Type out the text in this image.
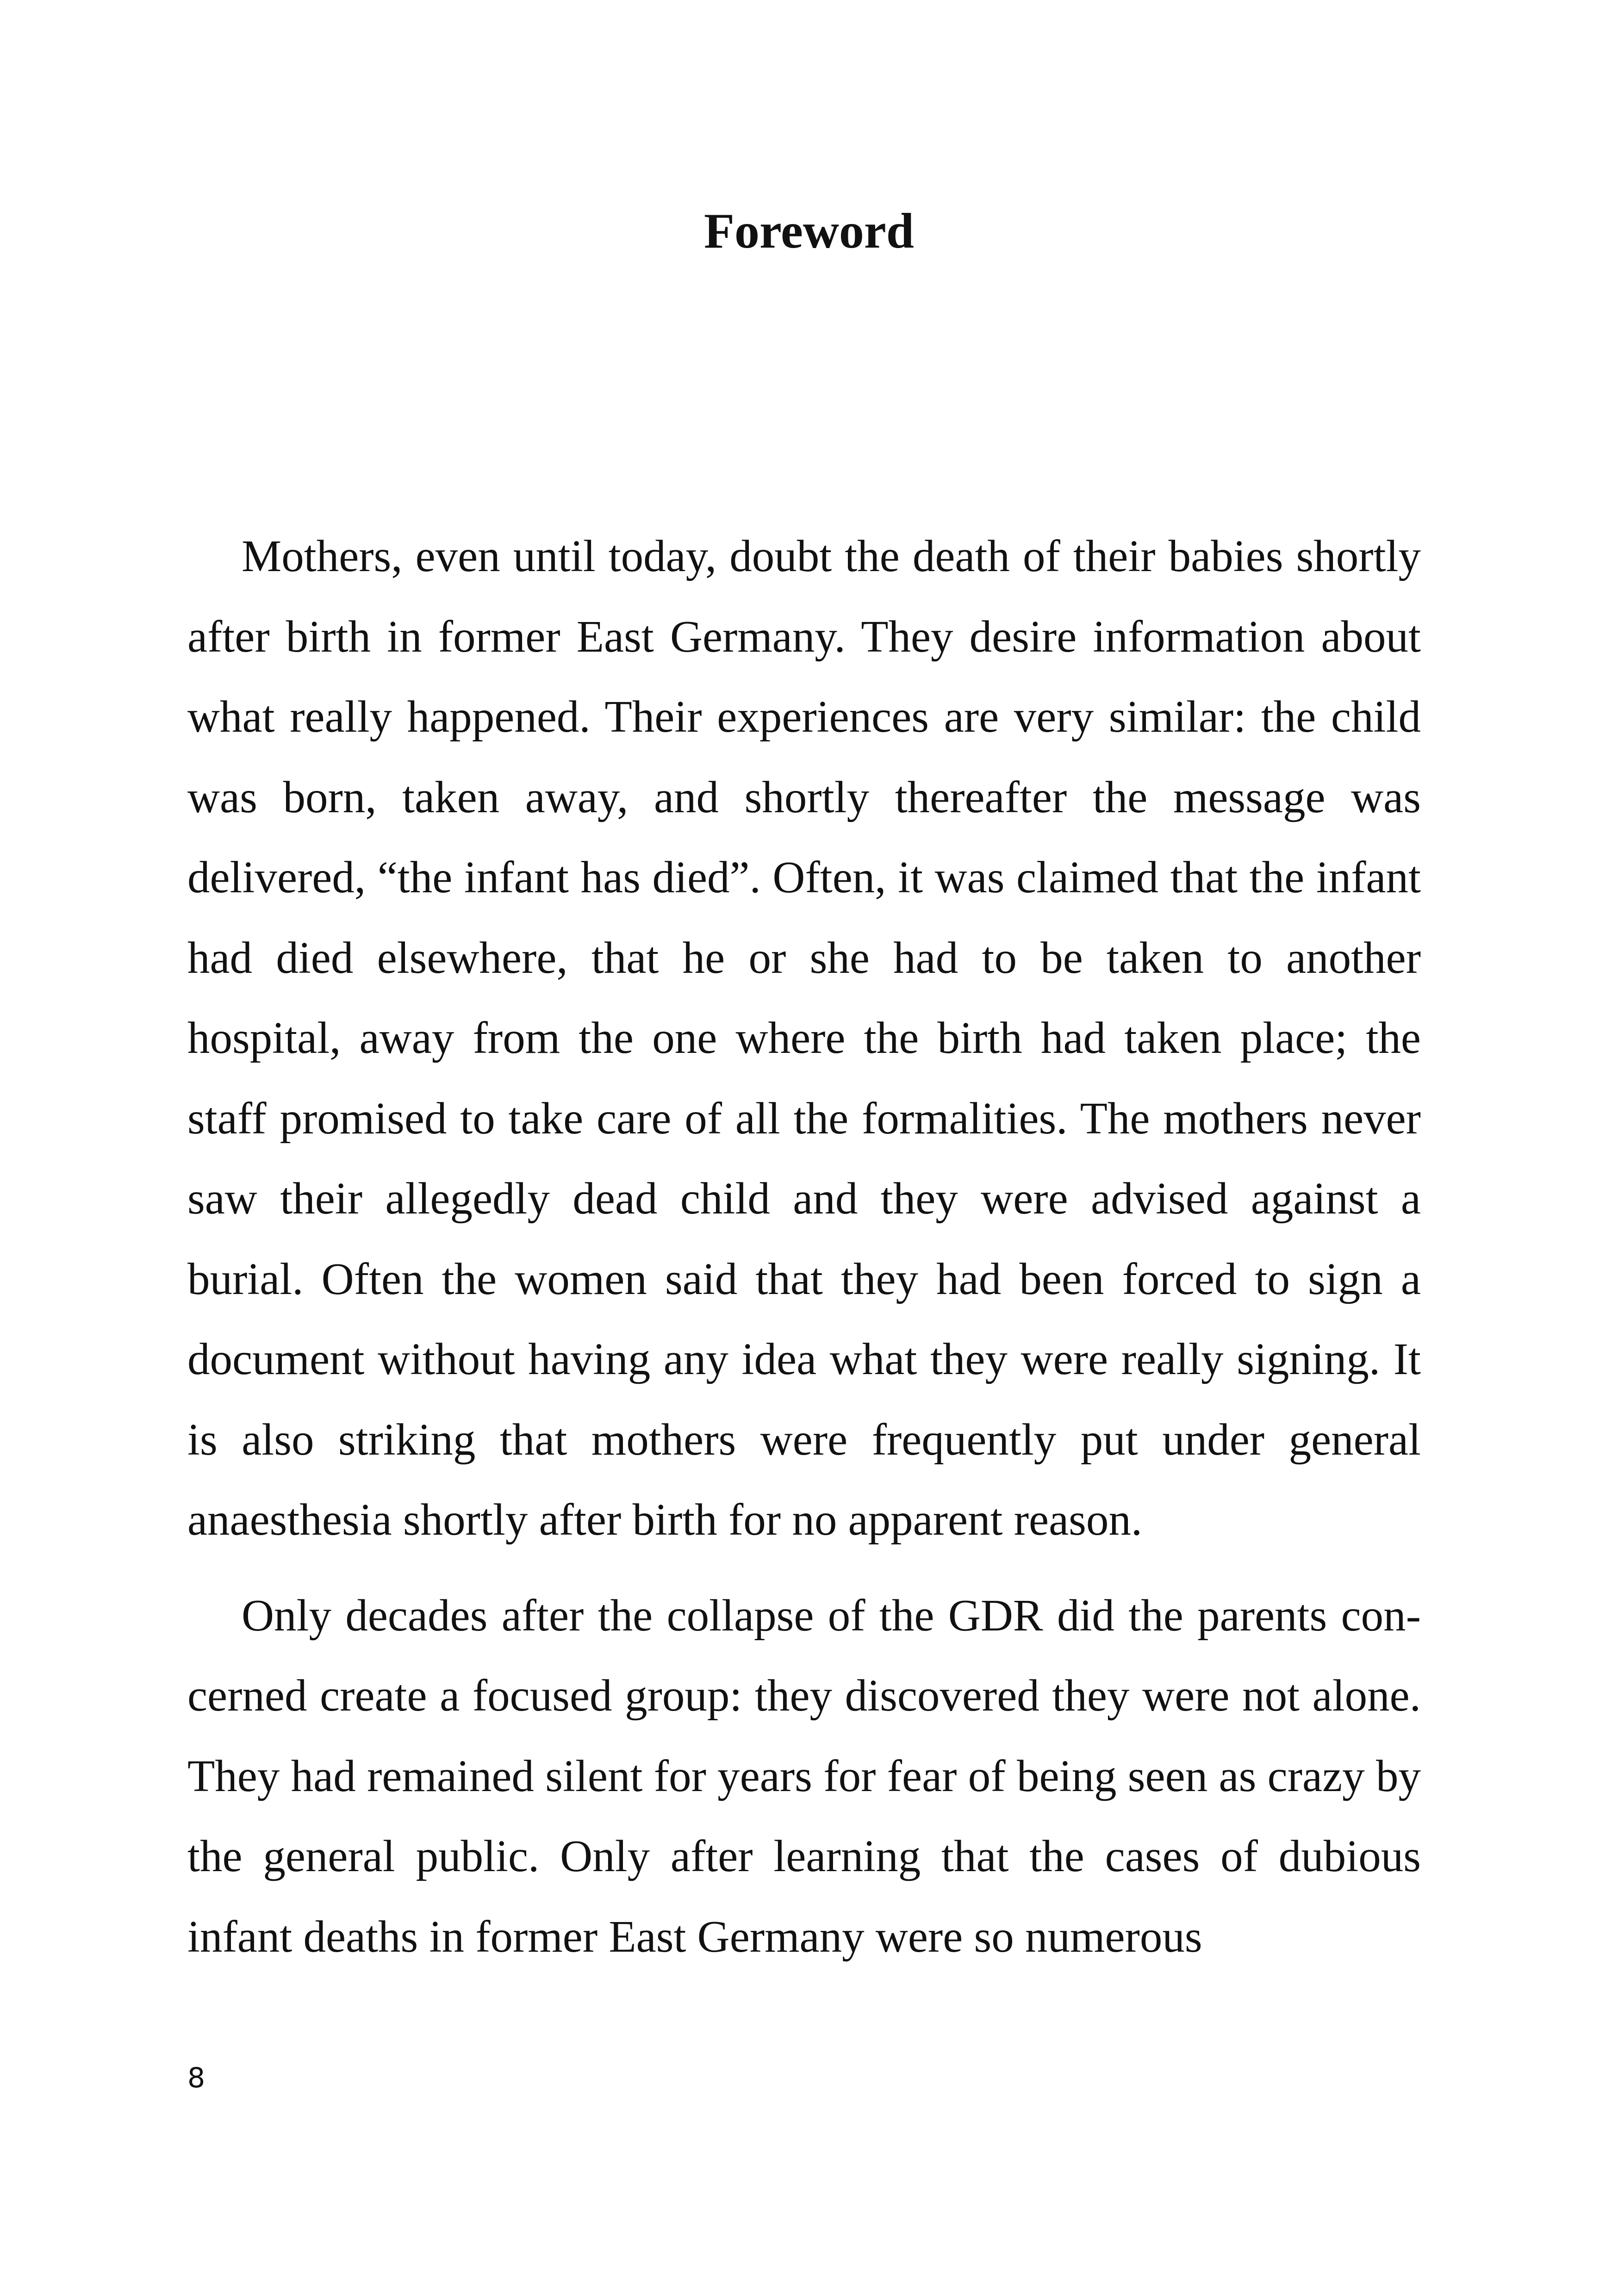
Foreword

Mothers, even until today, doubt the death of their babies shortly after birth in former East Germany. They desire information about what really happened. Their experiences are very similar: the child was born, taken away, and shortly thereafter the message was delivered, “the infant has died”. Often, it was claimed that the infant had died elsewhere, that he or she had to be taken to another hospital, away from the one where the birth had taken place; the staff promised to take care of all the formalities. The mothers never saw their allegedly dead child and they were advised against a burial. Often the women said that they had been forced to sign a document without having any idea what they were really signing. It is also striking that mothers were frequently put under general anaesthesia shortly after birth for no apparent reason.

Only decades after the collapse of the GDR did the parents concerned create a focused group: they discovered they were not alone. They had remained silent for years for fear of being seen as crazy by the general public. Only after learning that the cases of dubious infant deaths in former East Germany were so numerous

8
